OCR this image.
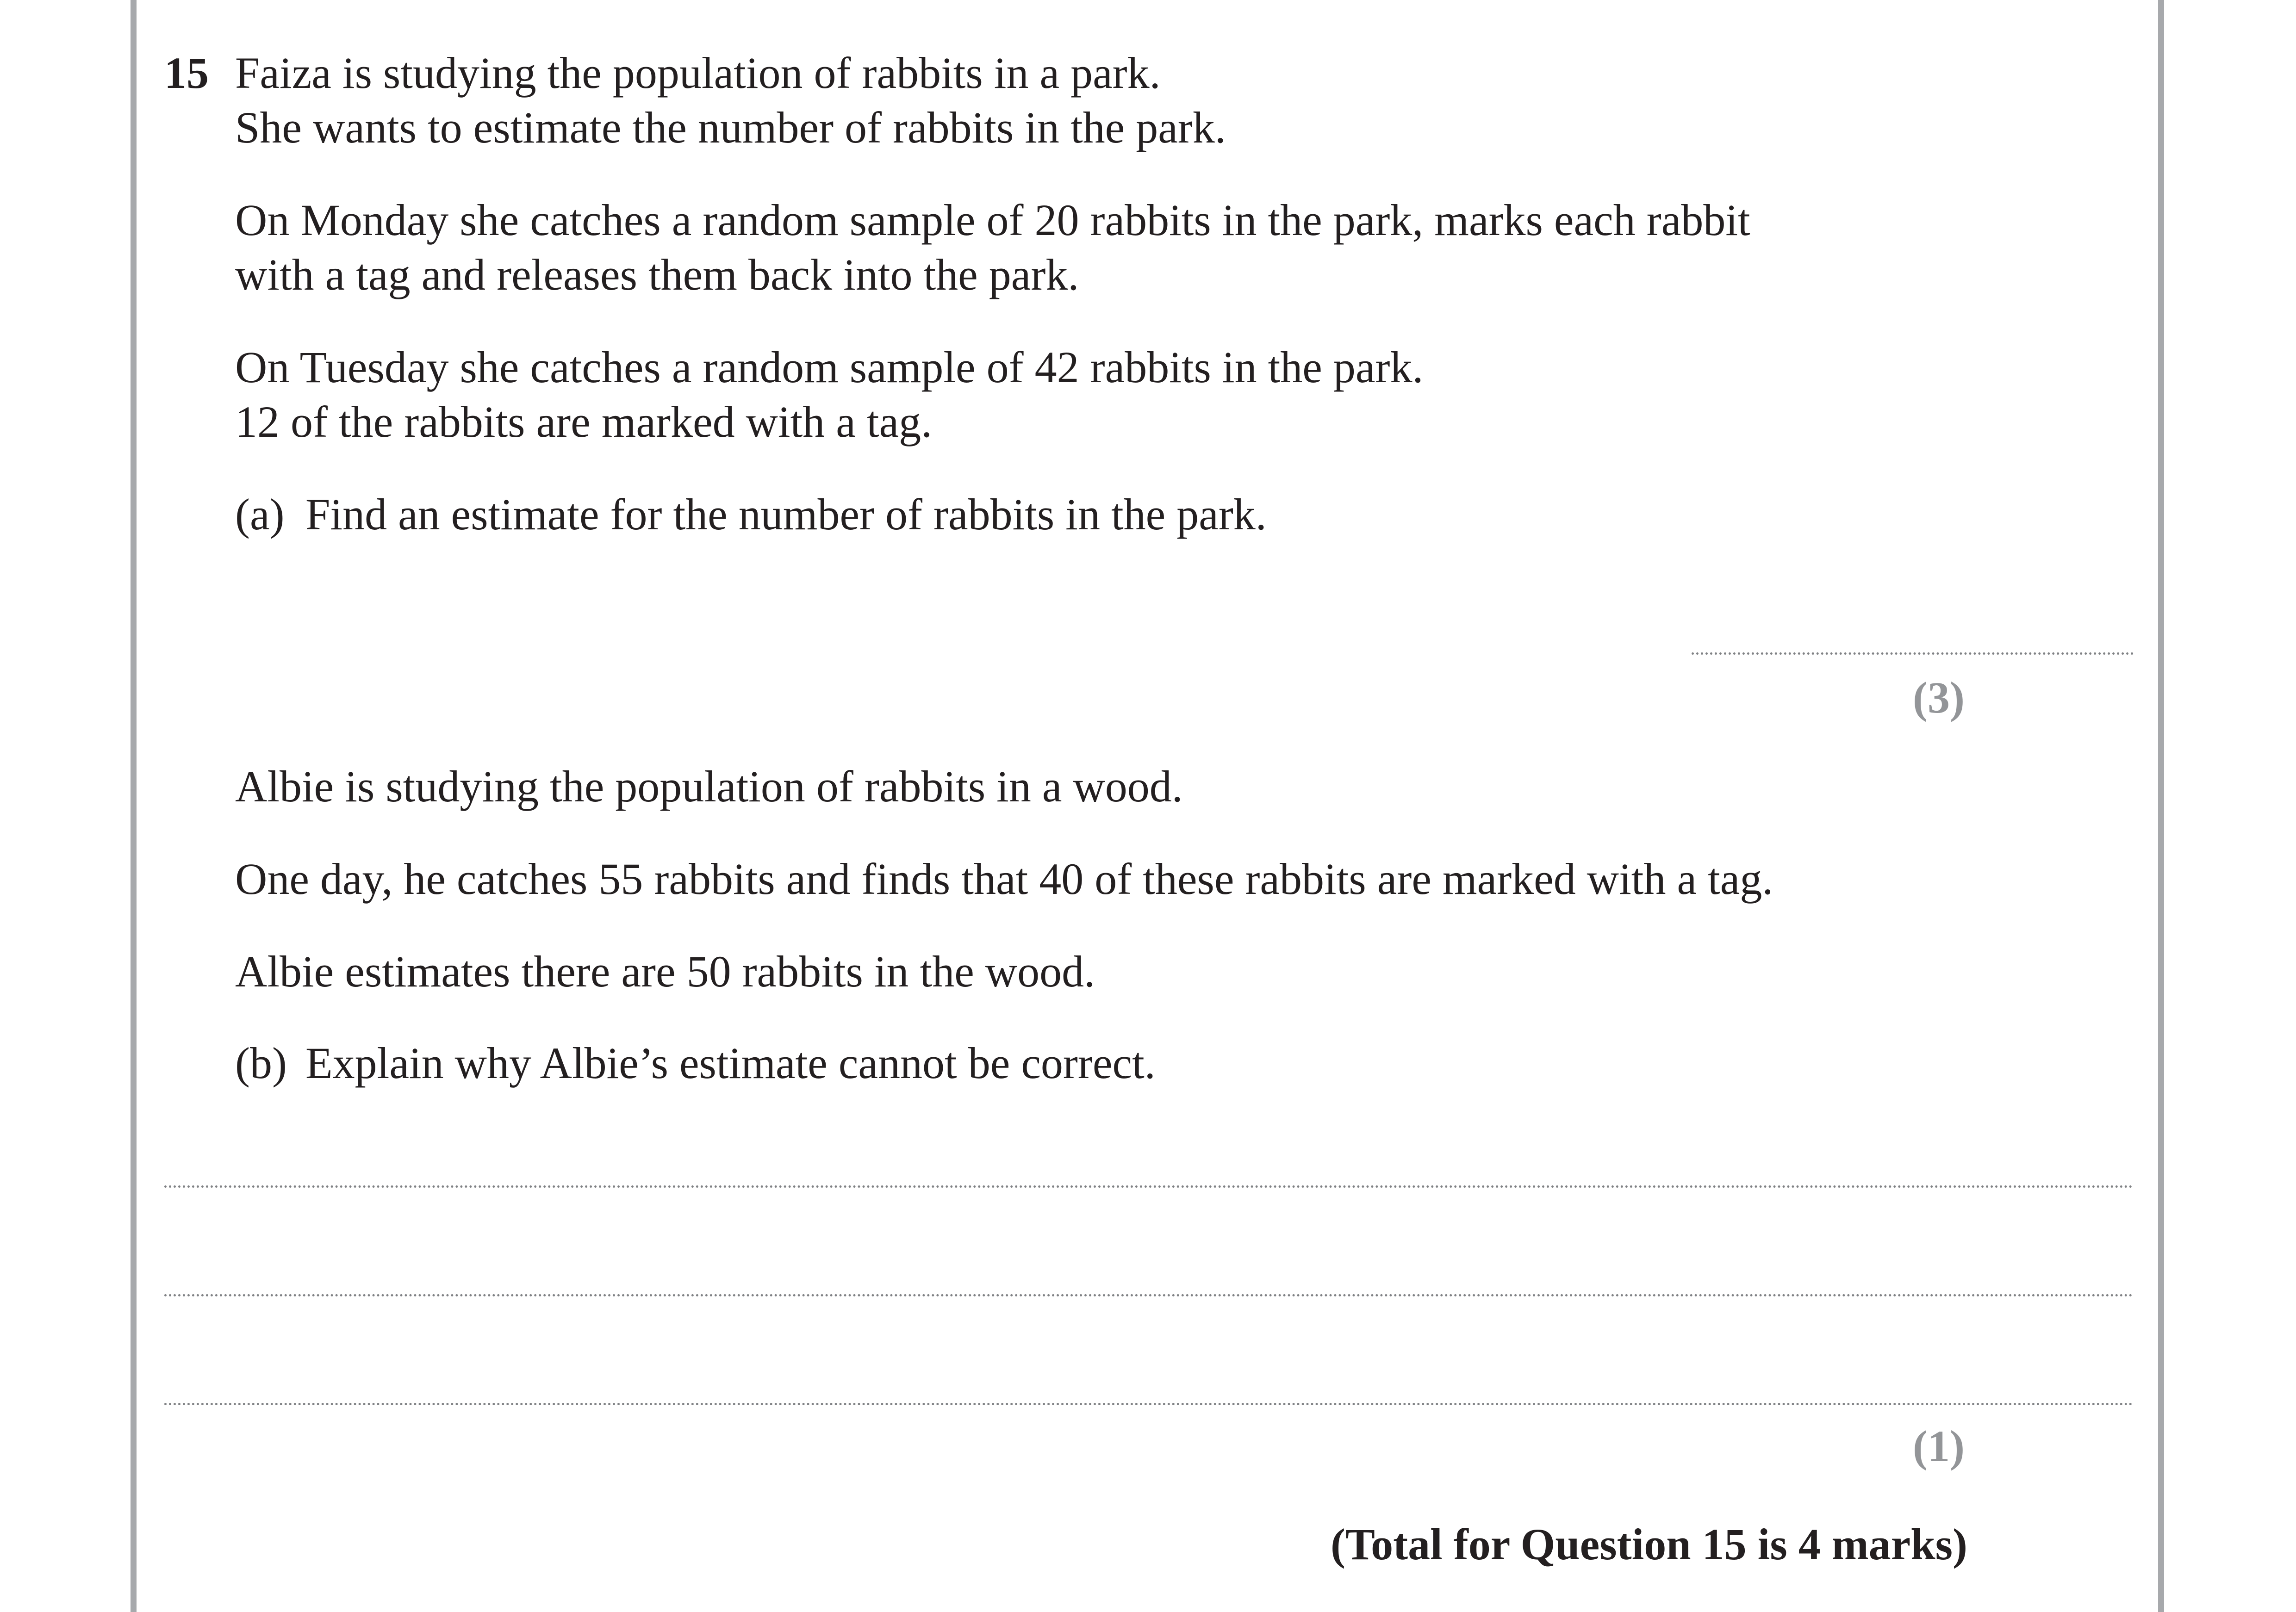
15 Faiza is studying the population of rabbits in a park.
She wants to estimate the number of rabbits in the park.
On Monday she catches a random sample of 20 rabbits in the park, marks each rabbit
with a tag and releases them back into the park.
On Tuesday she catches a random sample of 42 rabbits in the park.
12 of the rabbits are marked with a tag.
(a) Find an estimate for the number of rabbits in the park.
(3)
Albie is studying the population of rabbits in a wood.
One day, he catches 55 rabbits and finds that 40 of these rabbits are marked with a tag.
Albie estimates there are 50 rabbits in the wood.
(b) Explain why Albie’s estimate cannot be correct.
(1)
(Total for Question 15 is 4 marks)
